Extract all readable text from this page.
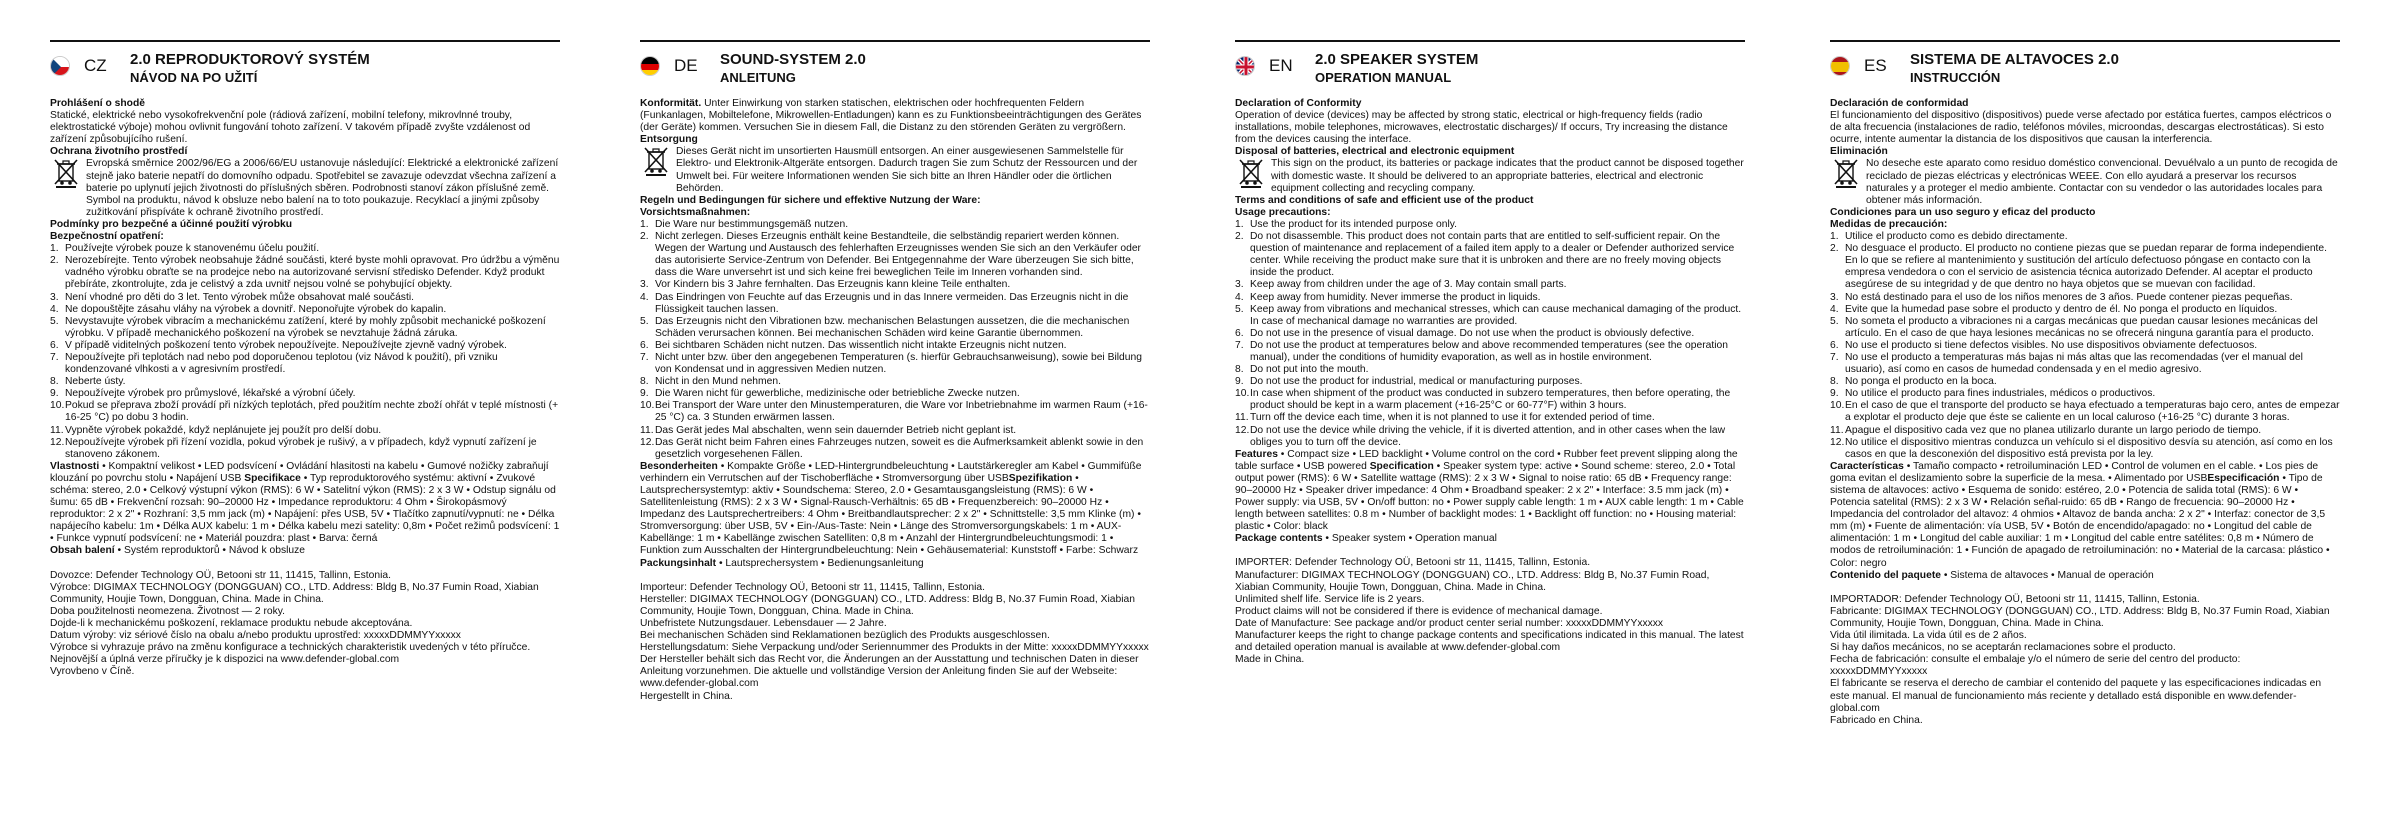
CZ	2.0 REPRODUKTOROVÝ SYSTÉM
NÁVOD NA PO UŽITÍ
Prohlášení o shodě
Statické, elektrické nebo vysokofrekvenční pole (rádiová zařízení, mobilní telefony, mikrovlnné trouby, elektrostatické výboje) mohou ovlivnit fungování tohoto zařízení. V takovém případě zvyšte vzdálenost od zařízení způsobujícího rušení.
Ochrana životního prostředí
Evropská směrnice 2002/96/EG a 2006/66/EU ustanovuje následující: Elektrické a elektronické zařízení stejně jako baterie nepatří do domovního odpadu. Spotřebitel se zavazuje odevzdat všechna zařízení a baterie po uplynutí jejich životnosti do příslušných sběren. Podrobnosti stanoví zákon příslušné země. Symbol na produktu, návod k obsluze nebo balení na to toto poukazuje. Recyklací a jinými způsoby zužitkování přispíváte k ochraně životního prostředí.
Podmínky pro bezpečné a účinné použití výrobku
Bezpečnostní opatření:
1. Používejte výrobek pouze k stanovenému účelu použití.
2. Nerozebírejte. Tento výrobek neobsahuje žádné součásti, které byste mohli opravovat. Pro údržbu a výměnu vadného výrobku obraťte se na prodejce nebo na autorizované servisní středisko Defender. Když produkt přebíráte, zkontrolujte, zda je celistvý a zda uvnitř nejsou volné se pohybující objekty.
3. Není vhodné pro děti do 3 let. Tento výrobek může obsahovat malé součásti.
4. Ne dopouštějte zásahu vláhy na výrobek a dovnitř. Neponořujte výrobek do kapalin.
5. Nevystavujte výrobek vibracím a mechanickému zatížení, které by mohly způsobit mechanické poškození výrobku. V případě mechanického poškození na výrobek se nevztahuje žádná záruka.
6. V případě viditelných poškození tento výrobek nepoužívejte. Nepoužívejte zjevně vadný výrobek.
7. Nepoužívejte při teplotách nad nebo pod doporučenou teplotou (viz Návod k použití), při vzniku kondenzované vlhkosti a v agresivním prostředí.
8. Neberte ústy.
9. Nepoužívejte výrobek pro průmyslové, lékařské a výrobní účely.
10. Pokud se přeprava zboží provádí při nízkých teplotách, před použitím nechte zboží ohřát v teplé místnosti (+ 16-25 °C) po dobu 3 hodin.
11. Vypněte výrobek pokaždé, když neplánujete jej použít pro delší dobu.
12. Nepoužívejte výrobek při řízení vozidla, pokud výrobek je rušivý, a v případech, když vypnutí zařízení je stanoveno zákonem.
Vlastnosti • Kompaktní velikost • LED podsvícení • Ovládání hlasitosti na kabelu • Gumové nožičky zabraňují klouzání po povrchu stolu • Napájení USB Specifikace • Typ reproduktorového systému: aktivní • Zvukové schéma: stereo, 2.0 • Celkový výstupní výkon (RMS): 6 W • Satelitní výkon (RMS): 2 x 3 W • Odstup signálu od šumu: 65 dB • Frekvenční rozsah: 90–20000 Hz • Impedance reproduktoru: 4 Ohm • Širokopásmový reproduktor: 2 x 2" • Rozhraní: 3,5 mm jack (m) • Napájení: přes USB, 5V • Tlačítko zapnutí/vypnutí: ne • Délka napájecího kabelu: 1m • Délka AUX kabelu: 1 m • Délka kabelu mezi satelity: 0,8m • Počet režimů podsvícení: 1 • Funkce vypnutí podsvícení: ne • Materiál pouzdra: plast • Barva: černá
Obsah balení • Systém reproduktorů • Návod k obsluze
Dovozce: Defender Technology OÜ, Betooni str 11, 11415, Tallinn, Estonia.
Výrobce: DIGIMAX TECHNOLOGY (DONGGUAN) CO., LTD. Address: Bldg B, No.37 Fumin Road, Xiabian Community, Houjie Town, Dongguan, China. Made in China.
Doba použitelnosti neomezena. Životnost — 2 roky.
Dojde-li k mechanickému poškození, reklamace produktu nebude akceptována.
Datum výroby: viz sériové číslo na obalu a/nebo produktu uprostřed: xxxxxDDMMYYxxxxx
Výrobce si vyhrazuje právo na změnu konfigurace a technických charakteristik uvedených v této příručce. Nejnovější a úplná verze příručky je k dispozici na www.defender-global.com
Vyrovbeno v Číně.
DE	SOUND-SYSTEM 2.0
ANLEITUNG
Konformität. Unter Einwirkung von starken statischen, elektrischen oder hochfrequenten Feldern (Funkanlagen, Mobiltelefone, Mikrowellen-Entladungen) kann es zu Funktionsbeeinträchtigungen des Gerätes (der Geräte) kommen. Versuchen Sie in diesem Fall, die Distanz zu den störenden Geräten zu vergrößern.
Entsorgung
Dieses Gerät nicht im unsortierten Hausmüll entsorgen. An einer ausgewiesenen Sammelstelle für Elektro- und Elektronik-Altgeräte entsorgen. Dadurch tragen Sie zum Schutz der Ressourcen und der Umwelt bei. Für weitere Informationen wenden Sie sich bitte an Ihren Händler oder die örtlichen Behörden.
Regeln und Bedingungen für sichere und effektive Nutzung der Ware:
Vorsichtsmaßnahmen:
1. Die Ware nur bestimmungsgemäß nutzen.
2. Nicht zerlegen. Dieses Erzeugnis enthält keine Bestandteile, die selbständig repariert werden können. Wegen der Wartung und Austausch des fehlerhaften Erzeugnisses wenden Sie sich an den Verkäufer oder das autorisierte Service-Zentrum von Defender. Bei Entgegennahme der Ware überzeugen Sie sich bitte, dass die Ware unversehrt ist und sich keine frei beweglichen Teile im Inneren vorhanden sind.
3. Vor Kindern bis 3 Jahre fernhalten. Das Erzeugnis kann kleine Teile enthalten.
4. Das Eindringen von Feuchte auf das Erzeugnis und in das Innere vermeiden. Das Erzeugnis nicht in die Flüssigkeit tauchen lassen.
5. Das Erzeugnis nicht den Vibrationen bzw. mechanischen Belastungen aussetzen, die die mechanischen Schäden verursachen können. Bei mechanischen Schäden wird keine Garantie übernommen.
6. Bei sichtbaren Schäden nicht nutzen. Das wissentlich nicht intakte Erzeugnis nicht nutzen.
7. Nicht unter bzw. über den angegebenen Temperaturen (s. hierfür Gebrauchsanweisung), sowie bei Bildung von Kondensat und in aggressiven Medien nutzen.
8. Nicht in den Mund nehmen.
9. Die Waren nicht für gewerbliche, medizinische oder betriebliche Zwecke nutzen.
10. Bei Transport der Ware unter den Minustemperaturen, die Ware vor Inbetriebnahme im warmen Raum (+16-25 °C) ca. 3 Stunden erwärmen lassen.
11. Das Gerät jedes Mal abschalten, wenn sein dauernder Betrieb nicht geplant ist.
12. Das Gerät nicht beim Fahren eines Fahrzeuges nutzen, soweit es die Aufmerksamkeit ablenkt sowie in den gesetzlich vorgesehenen Fällen.
Besonderheiten • Kompakte Größe • LED-Hintergrundbeleuchtung • Lautstärkeregler am Kabel • Gummifüße verhindern ein Verrutschen auf der Tischoberfläche • Stromversorgung über USBSpezifikation • Lautsprechersystemtyp: aktiv • Soundschema: Stereo, 2.0 • Gesamtausgangsleistung (RMS): 6 W • Satellitenleistung (RMS): 2 x 3 W • Signal-Rausch-Verhältnis: 65 dB • Frequenzbereich: 90–20000 Hz • Impedanz des Lautsprechertreibers: 4 Ohm • Breitbandlautsprecher: 2 x 2" • Schnittstelle: 3,5 mm Klinke (m) • Stromversorgung: über USB, 5V • Ein-/Aus-Taste: Nein • Länge des Stromversorgungskabels: 1 m • AUX-Kabellänge: 1 m • Kabellänge zwischen Satelliten: 0,8 m • Anzahl der Hintergrundbeleuchtungsmodi: 1 • Funktion zum Ausschalten der Hintergrundbeleuchtung: Nein • Gehäusematerial: Kunststoff • Farbe: Schwarz
Packungsinhalt • Lautsprechersystem • Bedienungsanleitung
Importeur: Defender Technology OÜ, Betooni str 11, 11415, Tallinn, Estonia.
Hersteller: DIGIMAX TECHNOLOGY (DONGGUAN) CO., LTD. Address: Bldg B, No.37 Fumin Road, Xiabian Community, Houjie Town, Dongguan, China. Made in China.
Unbefristete Nutzungsdauer. Lebensdauer — 2 Jahre.
Bei mechanischen Schäden sind Reklamationen bezüglich des Produkts ausgeschlossen.
Herstellungsdatum: Siehe Verpackung und/oder Seriennummer des Produkts in der Mitte: xxxxxDDMMYYxxxxx
Der Hersteller behält sich das Recht vor, die Änderungen an der Ausstattung und technischen Daten in dieser Anleitung vorzunehmen. Die aktuelle und vollständige Version der Anleitung finden Sie auf der Webseite: www.defender-global.com
Hergestellt in China.
EN	2.0 SPEAKER SYSTEM
OPERATION MANUAL
Declaration of Conformity
Operation of device (devices) may be affected by strong static, electrical or high-frequency fields (radio installations, mobile telephones, microwaves, electrostatic discharges)/ If occurs, Try increasing the distance from the devices causing the interface.
Disposal of batteries, electrical and electronic equipment
This sign on the product, its batteries or package indicates that the product cannot be disposed together with domestic waste. It should be delivered to an appropriate batteries, electrical and electronic equipment collecting and recycling company.
Terms and conditions of safe and efficient use of the product
Usage precautions:
1. Use the product for its intended purpose only.
2. Do not disassemble. This product does not contain parts that are entitled to self-sufficient repair. On the question of maintenance and replacement of a failed item apply to a dealer or Defender authorized service center. While receiving the product make sure that it is unbroken and there are no freely moving objects inside the product.
3. Keep away from children under the age of 3. May contain small parts.
4. Keep away from humidity. Never immerse the product in liquids.
5. Keep away from vibrations and mechanical stresses, which can cause mechanical damaging of the product. In case of mechanical damage no warranties are provided.
6. Do not use in the presence of visual damage. Do not use when the product is obviously defective.
7. Do not use the product at temperatures below and above recommended temperatures (see the operation manual), under the conditions of humidity evaporation, as well as in hostile environment.
8. Do not put into the mouth.
9. Do not use the product for industrial, medical or manufacturing purposes.
10. In case when shipment of the product was conducted in subzero temperatures, then before operating, the product should be kept in a warm placement (+16-25°C or 60-77°F) within 3 hours.
11. Turn off the device each time, when it is not planned to use it for extended period of time.
12. Do not use the device while driving the vehicle, if it is diverted attention, and in other cases when the law obliges you to turn off the device.
Features • Compact size • LED backlight • Volume control on the cord • Rubber feet prevent slipping along the table surface • USB powered Specification • Speaker system type: active • Sound scheme: stereo, 2.0 • Total output power (RMS): 6 W • Satellite wattage (RMS): 2 x 3 W • Signal to noise ratio: 65 dB • Frequency range: 90–20000 Hz • Speaker driver impedance: 4 Ohm • Broadband speaker: 2 x 2" • Interface: 3.5 mm jack (m) • Power supply: via USB, 5V • On/off button: no • Power supply cable length: 1 m • AUX cable length: 1 m • Cable length between satellites: 0.8 m • Number of backlight modes: 1 • Backlight off function: no • Housing material: plastic • Color: black
Package contents • Speaker system • Operation manual
IMPORTER: Defender Technology OÜ, Betooni str 11, 11415, Tallinn, Estonia.
Manufacturer: DIGIMAX TECHNOLOGY (DONGGUAN) CO., LTD. Address: Bldg B, No.37 Fumin Road, Xiabian Community, Houjie Town, Dongguan, China. Made in China.
Unlimited shelf life. Service life is 2 years.
Product claims will not be considered if there is evidence of mechanical damage.
Date of Manufacture: See package and/or product center serial number: xxxxxDDMMYYxxxxx
Manufacturer keeps the right to change package contents and specifications indicated in this manual. The latest and detailed operation manual is available at www.defender-global.com
Made in China.
ES	SISTEMA DE ALTAVOCES 2.0
INSTRUCCIÓN
Declaración de conformidad
El funcionamiento del dispositivo (dispositivos) puede verse afectado por estática fuertes, campos eléctricos o de alta frecuencia (instalaciones de radio, teléfonos móviles, microondas, descargas electrostáticas). Si esto ocurre, intente aumentar la distancia de los dispositivos que causan la interferencia.
Eliminación
No deseche este aparato como residuo doméstico convencional. Devuélvalo a un punto de recogida de reciclado de piezas eléctricas y electrónicas WEEE. Con ello ayudará a preservar los recursos naturales y a proteger el medio ambiente. Contactar con su vendedor o las autoridades locales para obtener más información.
Condiciones para un uso seguro y eficaz del producto
Medidas de precaución:
1. Utilice el producto como es debido directamente.
2. No desguace el producto. El producto no contiene piezas que se puedan reparar de forma independiente. En lo que se refiere al mantenimiento y sustitución del artículo defectuoso póngase en contacto con la empresa vendedora o con el servicio de asistencia técnica autorizado Defender. Al aceptar el producto asegúrese de su integridad y de que dentro no haya objetos que se muevan con facilidad.
3. No está destinado para el uso de los niños menores de 3 años. Puede contener piezas pequeñas.
4. Evite que la humedad pase sobre el producto y dentro de él. No ponga el producto en líquidos.
5. No someta el producto a vibraciones ni a cargas mecánicas que puedan causar lesiones mecánicas del artículo. En el caso de que haya lesiones mecánicas no se ofrecerá ninguna garantía para el producto.
6. No use el producto si tiene defectos visibles. No use dispositivos obviamente defectuosos.
7. No use el producto a temperaturas más bajas ni más altas que las recomendadas (ver el manual del usuario), así como en casos de humedad condensada y en el medio agresivo.
8. No ponga el producto en la boca.
9. No utilice el producto para fines industriales, médicos o productivos.
10. En el caso de que el transporte del producto se haya efectuado a temperaturas bajo cero, antes de empezar a explotar el producto deje que éste se caliente en un local caluroso (+16-25 °C) durante 3 horas.
11. Apague el dispositivo cada vez que no planea utilizarlo durante un largo periodo de tiempo.
12. No utilice el dispositivo mientras conduzca un vehículo si el dispositivo desvía su atención, así como en los casos en que la desconexión del dispositivo está prevista por la ley.
Características • Tamaño compacto • retroiluminación LED • Control de volumen en el cable. • Los pies de goma evitan el deslizamiento sobre la superficie de la mesa. • Alimentado por USBEspecificación • Tipo de sistema de altavoces: activo • Esquema de sonido: estéreo, 2.0 • Potencia de salida total (RMS): 6 W • Potencia satelital (RMS): 2 x 3 W • Relación señal-ruido: 65 dB • Rango de frecuencia: 90–20000 Hz • Impedancia del controlador del altavoz: 4 ohmios • Altavoz de banda ancha: 2 x 2" • Interfaz: conector de 3,5 mm (m) • Fuente de alimentación: vía USB, 5V • Botón de encendido/apagado: no • Longitud del cable de alimentación: 1 m • Longitud del cable auxiliar: 1 m • Longitud del cable entre satélites: 0,8 m • Número de modos de retroiluminación: 1 • Función de apagado de retroiluminación: no • Material de la carcasa: plástico • Color: negro
Contenido del paquete • Sistema de altavoces • Manual de operación
IMPORTADOR: Defender Technology OÜ, Betooni str 11, 11415, Tallinn, Estonia.
Fabricante: DIGIMAX TECHNOLOGY (DONGGUAN) CO., LTD. Address: Bldg B, No.37 Fumin Road, Xiabian Community, Houjie Town, Dongguan, China. Made in China.
Vida útil ilimitada. La vida útil es de 2 años.
Si hay daños mecánicos, no se aceptarán reclamaciones sobre el producto.
Fecha de fabricación: consulte el embalaje y/o el número de serie del centro del producto: xxxxxDDMMYYxxxxx
El fabricante se reserva el derecho de cambiar el contenido del paquete y las especificaciones indicadas en este manual. El manual de funcionamiento más reciente y detallado está disponible en www.defender-global.com
Fabricado en China.
